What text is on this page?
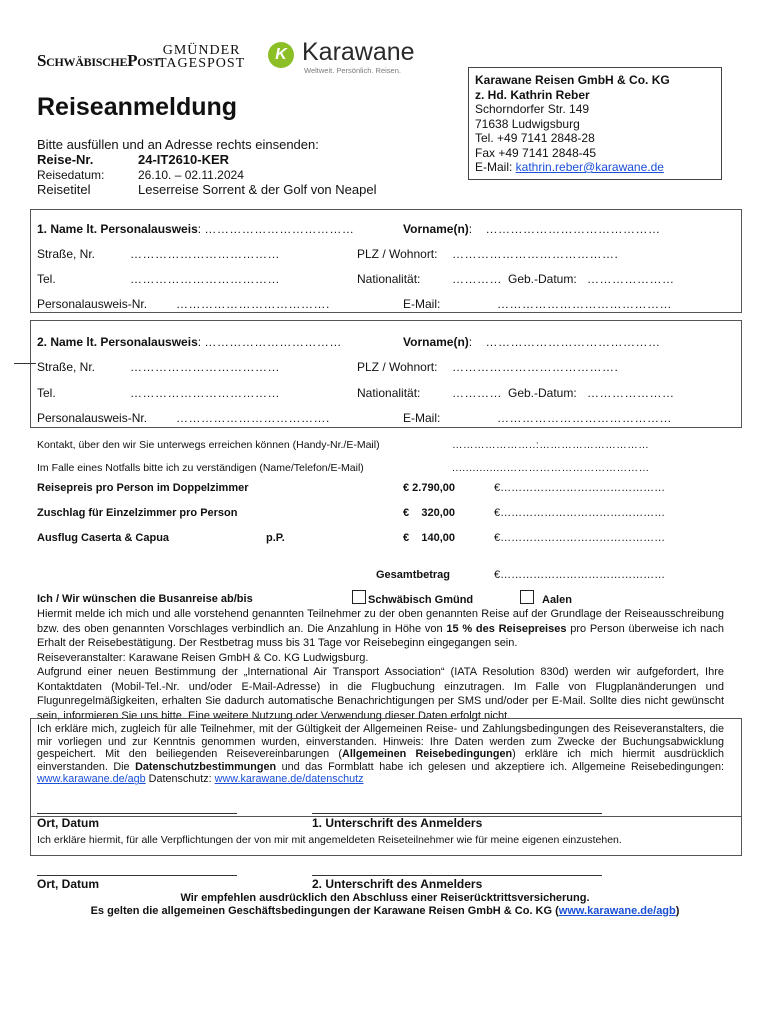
SchwäbischePost
GMÜNDER
TAGESPOST
K Karawane
Weltweit. Persönlich. Reisen.
Reiseanmeldung
Bitte ausfüllen und an Adresse rechts einsenden:
Reise-Nr.	24-IT2610-KER
Reisedatum:	26.10. – 02.11.2024
Reisetitel	Leserreise Sorrent & der Golf von Neapel
Karawane Reisen GmbH & Co. KG
z. Hd. Kathrin Reber
Schorndorfer Str. 149
71638 Ludwigsburg
Tel. +49 7141 2848-28
Fax +49 7141 2848-45
E-Mail: kathrin.reber@karawane.de
1. Name lt. Personalausweis: ………………………………	Vorname(n): ……………………………………
Straße, Nr.	………………………………	PLZ / Wohnort: ………………………………….
Tel.	………………………………	Nationalität:	………… Geb.-Datum: …………………
Personalausweis-Nr. ……………………………….	E-Mail:	……………………………………
2. Name lt. Personalausweis: ……………………………	Vorname(n): ……………………………………
Straße, Nr.	………………………………	PLZ / Wohnort: ………………………………….
Tel.	………………………………	Nationalität:	………… Geb.-Datum: …………………
Personalausweis-Nr. ……………………………….	E-Mail:	……………………………………
Kontakt, über den wir Sie unterwegs erreichen können (Handy-Nr./E-Mail)	…………………..:…………………………
Im Falle eines Notfalls bitte ich zu verständigen (Name/Telefon/E-Mail)	................…………………………………
Reisepreis pro Person im Doppelzimmer	€ 2.790,00	€………………………………………
Zuschlag für Einzelzimmer pro Person	€    320,00	€………………………………………
Ausflug Caserta & Capua	p.P.	€    140,00	€………………………………………
Gesamtbetrag	€………………………………………
Ich / Wir wünschen die Busanreise ab/bis	Schwäbisch Gmünd	Aalen
Hiermit melde ich mich und alle vorstehend genannten Teilnehmer zu der oben genannten Reise auf der Grundlage der Reiseausschreibung bzw. des oben genannten Vorschlages verbindlich an. Die Anzahlung in Höhe von 15 % des Reisepreises pro Person überweise ich nach Erhalt der Reisebestätigung. Der Restbetrag muss bis 31 Tage vor Reisebeginn eingegangen sein.
Reiseveranstalter: Karawane Reisen GmbH & Co. KG Ludwigsburg.
Aufgrund einer neuen Bestimmung der „International Air Transport Association“ (IATA Resolution 830d) werden wir aufgefordert, Ihre Kontaktdaten (Mobil-Tel.-Nr. und/oder E-Mail-Adresse) in die Flugbuchung einzutragen. Im Falle von Flugplanänderungen und Flugunregelmäßigkeiten, erhalten Sie dadurch automatische Benachrichtigungen per SMS und/oder per E-Mail. Sollte dies nicht gewünscht sein, informieren Sie uns bitte. Eine weitere Nutzung oder Verwendung dieser Daten erfolgt nicht.
Ich erkläre mich, zugleich für alle Teilnehmer, mit der Gültigkeit der Allgemeinen Reise- und Zahlungsbedingungen des Reiseveranstalters, die mir vorliegen und zur Kenntnis genommen wurden, einverstanden. Hinweis: Ihre Daten werden zum Zwecke der Buchungsabwicklung gespeichert. Mit den beiliegenden Reisevereinbarungen (Allgemeinen Reisebedingungen) erkläre ich mich hiermit ausdrücklich einverstanden. Die Datenschutzbestimmungen und das Formblatt habe ich gelesen und akzeptiere ich. Allgemeine Reisebedingungen: www.karawane.de/agb Datenschutz: www.karawane.de/datenschutz
Ort, Datum	1. Unterschrift des Anmelders
Ich erkläre hiermit, für alle Verpflichtungen der von mir mit angemeldeten Reiseteilnehmer wie für meine eigenen einzustehen.
Ort, Datum	2. Unterschrift des Anmelders
Wir empfehlen ausdrücklich den Abschluss einer Reiserücktrittsversicherung.
Es gelten die allgemeinen Geschäftsbedingungen der Karawane Reisen GmbH & Co. KG (www.karawane.de/agb)
